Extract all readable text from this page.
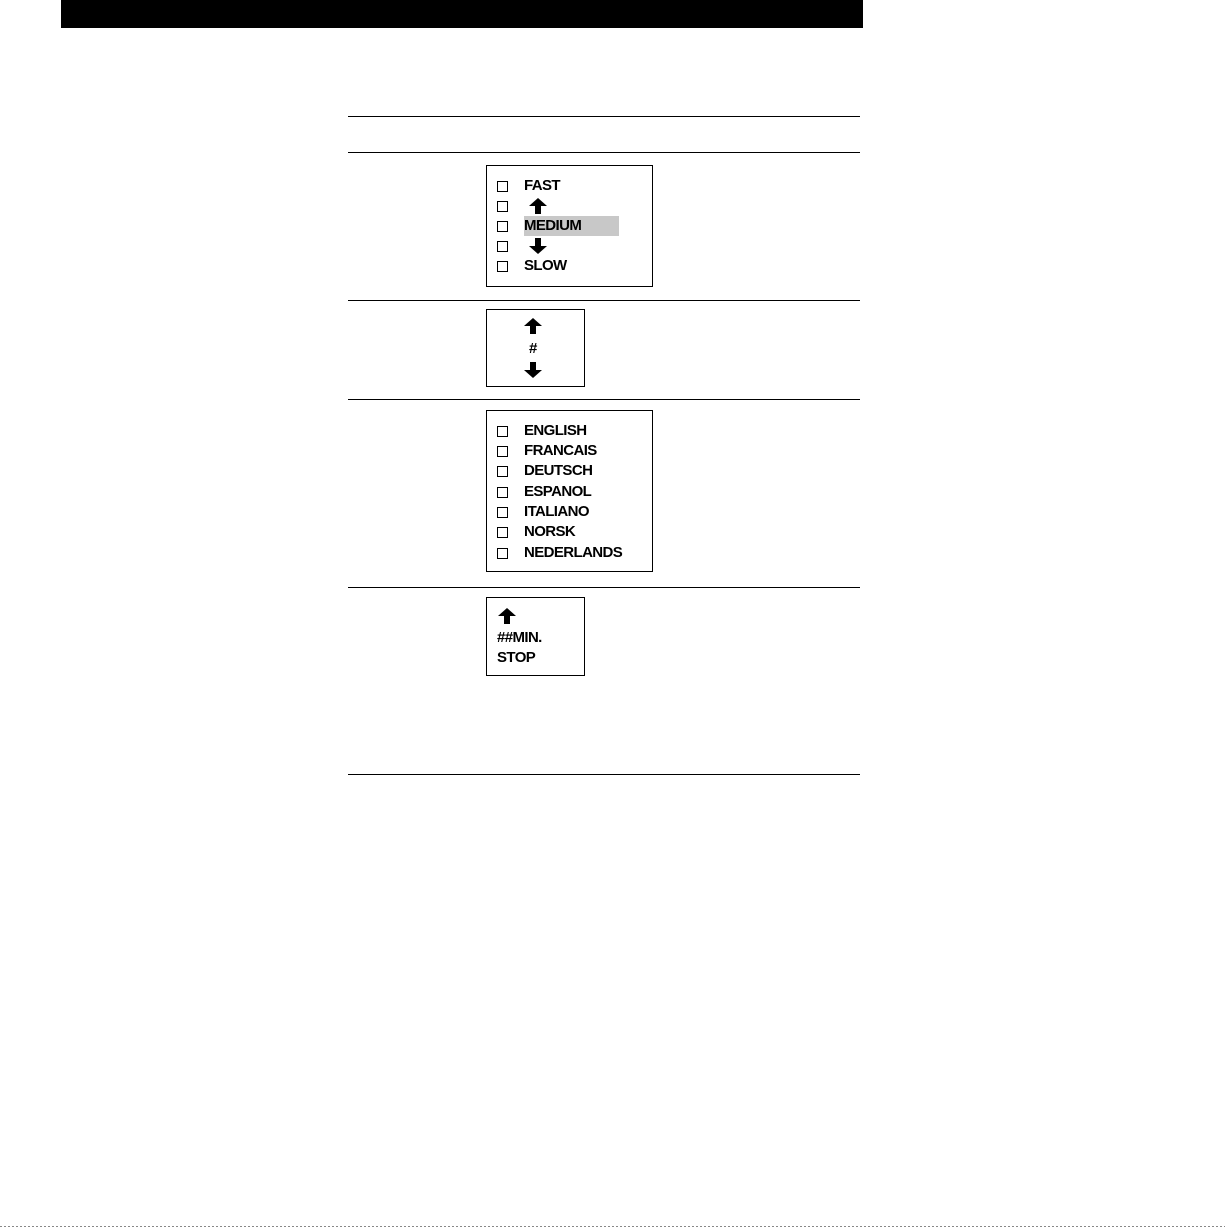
FAST
MEDIUM
SLOW
#
ENGLISH
FRANCAIS
DEUTSCH
ESPANOL
ITALIANO
NORSK
NEDERLANDS
##MIN.
STOP
